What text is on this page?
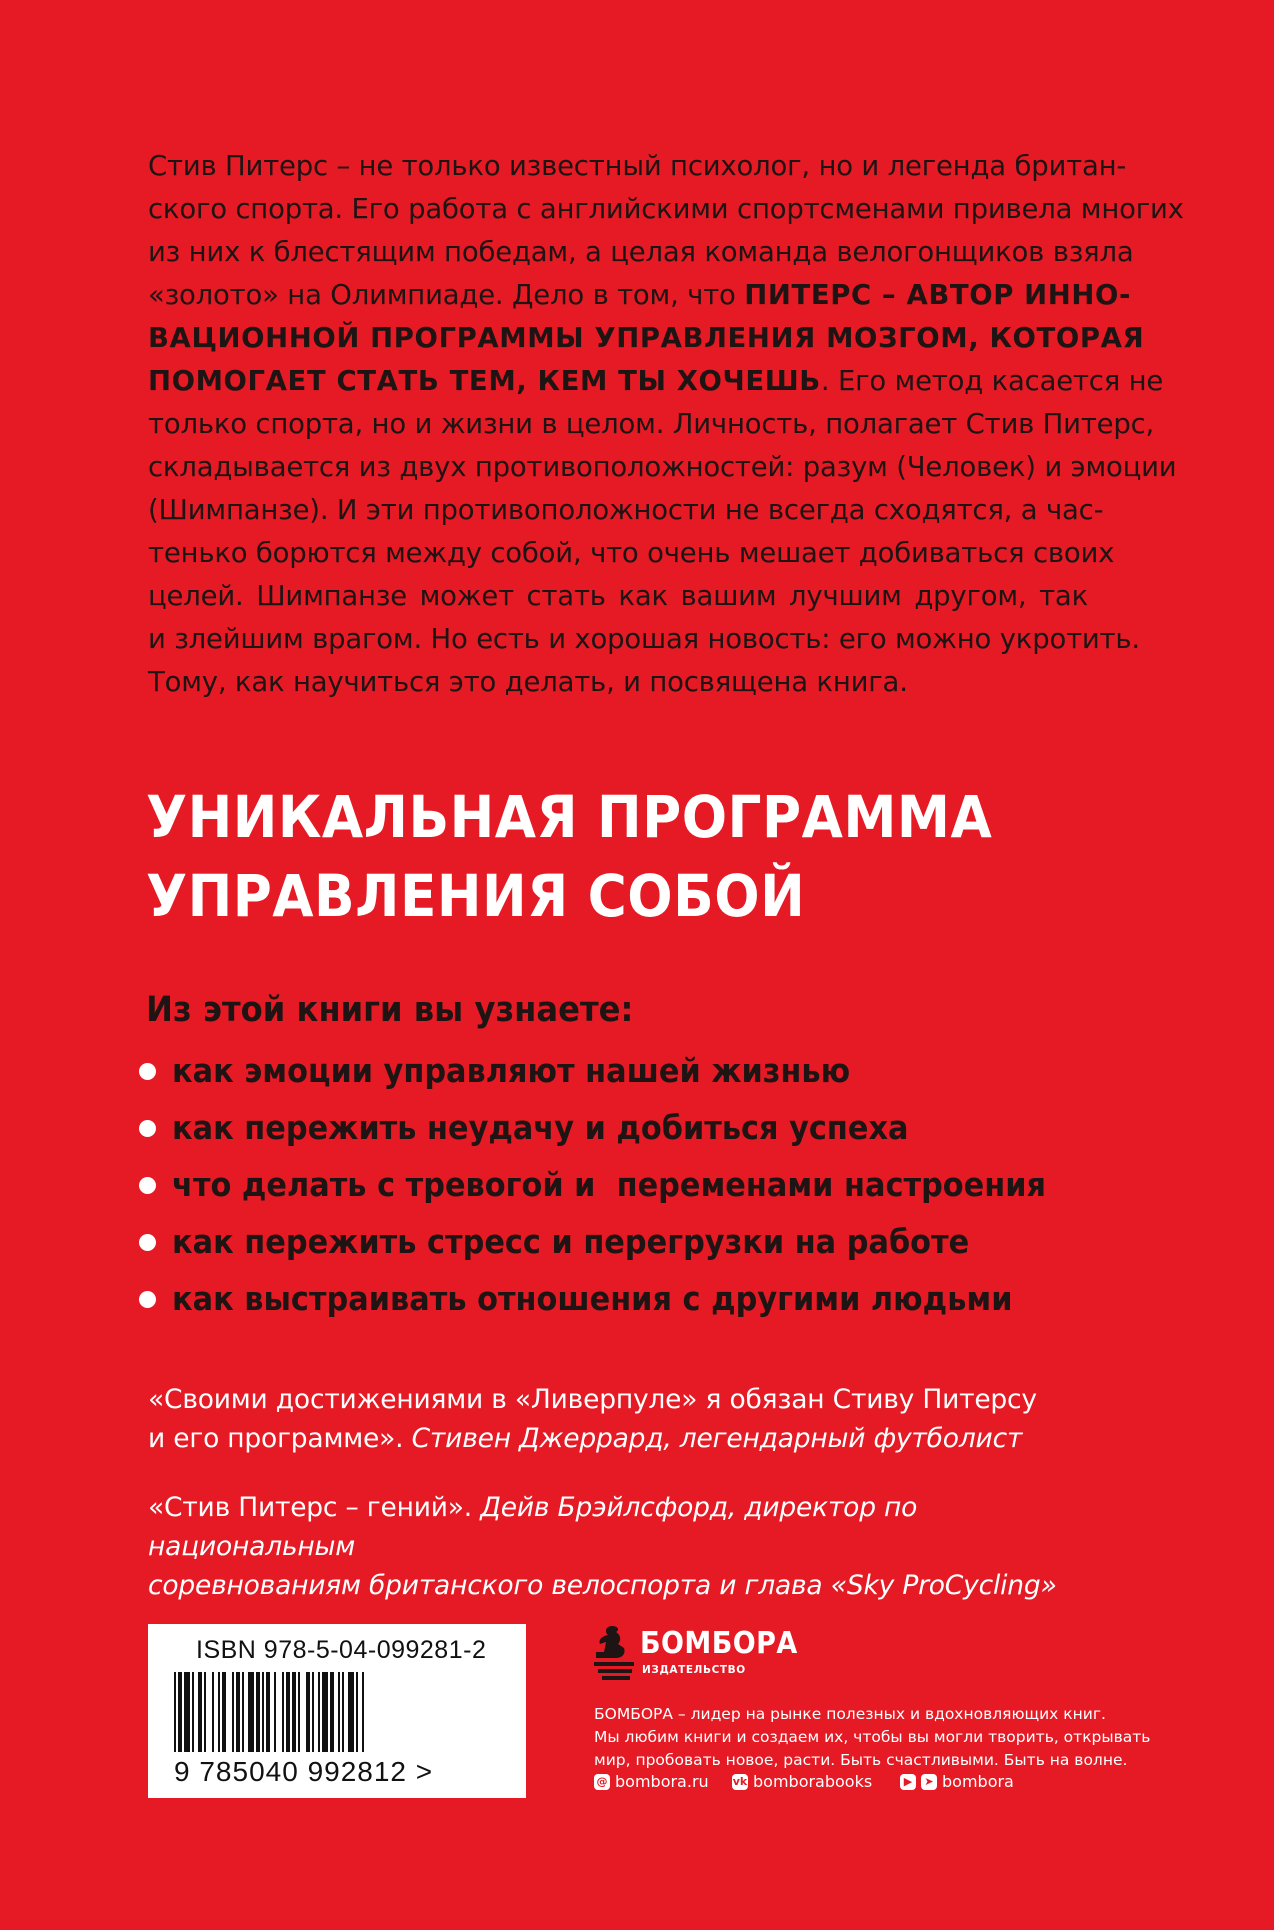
Стив Питерс – не только известный психолог, но и легенда британ-
ского спорта. Его работа с английскими спортсменами привела многих
из них к блестящим победам, а целая команда велогонщиков взяла
«золото» на Олимпиаде. Дело в том, что ПИТЕРС – АВТОР ИННО-
ВАЦИОННОЙ ПРОГРАММЫ УПРАВЛЕНИЯ МОЗГОМ, КОТОРАЯ
ПОМОГАЕТ СТАТЬ ТЕМ, КЕМ ТЫ ХОЧЕШЬ. Его метод касается не
только спорта, но и жизни в целом. Личность, полагает Стив Питерс,
складывается из двух противоположностей: разум (Человек) и эмоции
(Шимпанзе). И эти противоположности не всегда сходятся, а час-
тенько борются между собой, что очень мешает добиваться своих
целей. Шимпанзе может стать как вашим лучшим другом, так
и злейшим врагом. Но есть и хорошая новость: его можно укротить.
Тому, как научиться это делать, и посвящена книга.
УНИКАЛЬНАЯ ПРОГРАММА
УПРАВЛЕНИЯ СОБОЙ
Из этой книги вы узнаете:
как эмоции управляют нашей жизнью
как пережить неудачу и добиться успеха
что делать с тревогой и  переменами настроения
как пережить стресс и перегрузки на работе
как выстраивать отношения с другими людьми
«Своими достижениями в «Ливерпуле» я обязан Стиву Питерсу
и его программе». Стивен Джеррард, легендарный футболист
«Стив Питерс – гений». Дейв Брэйлсфорд, директор по национальным
соревнованиям британского велоспорта и глава «Sky ProCycling»
ISBN 978-5-04-099281-2
9 785040 992812 >
БОМБОРА
ИЗДАТЕЛЬСТВО
БОМБОРА – лидер на рынке полезных и вдохновляющих книг.
Мы любим книги и создаем их, чтобы вы могли творить, открывать
мир, пробовать новое, расти. Быть счастливыми. Быть на волне.
@ bombora.ru vk bomborabooks	▶	➤ bombora
